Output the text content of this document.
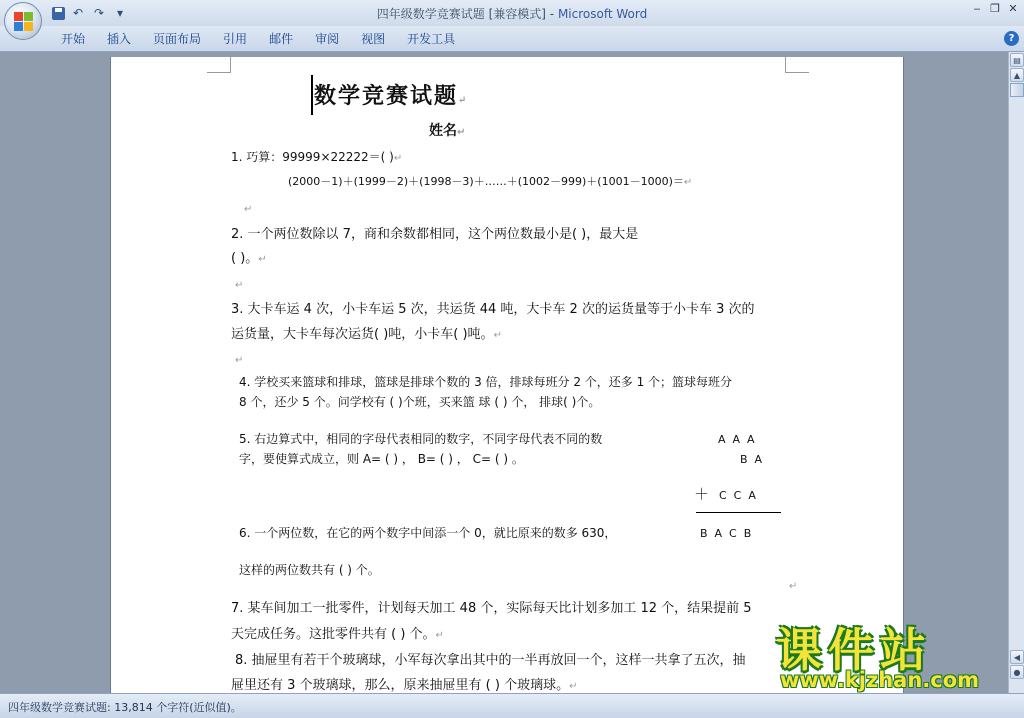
↶ ↷	▾	四年级数学竞赛试题 [兼容模式] - Microsoft Word	‒ ❐ ✕
开始	插入	页面布局	引用	邮件	审阅	视图	开发工具	?
数学竞赛试题↵
姓名↵
1. 巧算：99999×22222＝( )↵
(2000－1)＋(1999－2)＋(1998－3)＋……＋(1002－999)＋(1001－1000)＝↵
↵
2. 一个两位数除以 7，商和余数都相同，这个两位数最小是( )，最大是
( )。↵
↵
3. 大卡车运 4 次，小卡车运 5 次，共运货 44 吨，大卡车 2 次的运货量等于小卡车 3 次的
运货量，大卡车每次运货( )吨，小卡车( )吨。↵
↵
4. 学校买来篮球和排球，篮球是排球个数的 3 倍，排球每班分 2 个，还多 1 个；篮球每班分
8 个，还少 5 个。问学校有 ( )个班，买来篮 球 ( ) 个， 排球( )个。
5. 右边算式中，相同的字母代表相同的数字，不同字母代表不同的数
字，要使算式成立，则 A= ( ) ， B= ( ) ， C= ( ) 。
A  A  A
B  A
＋ C  C  A
B  A  C  B
6. 一个两位数，在它的两个数字中间添一个 0，就比原来的数多 630，
这样的两位数共有 ( ) 个。
↵
7. 某车间加工一批零件，计划每天加工 48 个，实际每天比计划多加工 12 个，结果提前 5
天完成任务。这批零件共有 ( ) 个。↵
8. 抽屉里有若干个玻璃球，小军每次拿出其中的一半再放回一个，这样一共拿了五次，抽
屉里还有 3 个玻璃球，那么，原来抽屉里有 ( ) 个玻璃球。↵
▤
▲
◀
●
四年级数学竞赛试题: 13,814 个字符(近似值)。
课件站
www.kjzhan.com
